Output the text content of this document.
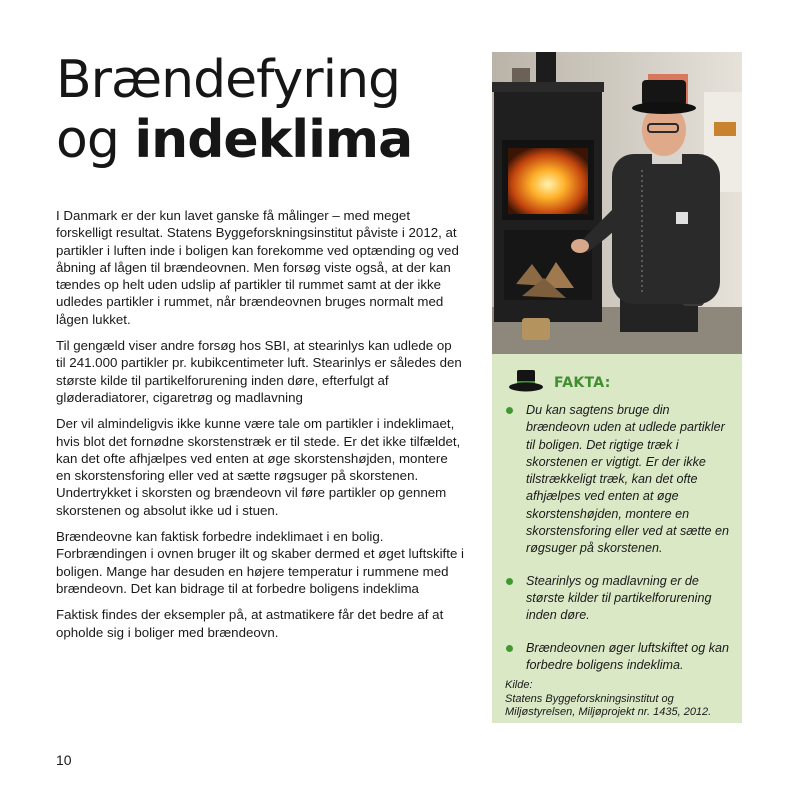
Brændefyring
og indeklima

I Danmark er der kun lavet ganske få målinger – med meget forskelligt resultat. Statens Byggeforskningsinstitut påviste i 2012, at partikler i luften inde i boligen kan forekomme ved optænding og ved åbning af lågen til brændeovnen. Men forsøg viste også, at der kan tændes op helt uden udslip af partikler til rummet samt at der ikke udledes partikler i rummet, når brændeovnen bruges normalt med lågen lukket.

Til gengæld viser andre forsøg hos SBI, at stearinlys kan udlede op til 241.000 partikler pr. kubikcentimeter luft. Stearinlys er således den største kilde til partikelforurening inden døre, efterfulgt af gløderadiatorer, cigaretrøg og madlavning

Der vil almindeligvis ikke kunne være tale om partikler i indeklimaet, hvis blot det fornødne skorstenstræk er til stede. Er det ikke tilfældet, kan det ofte afhjælpes ved enten at øge skorstenshøjden, montere en skorstensforing eller ved at sætte røgsuger på skorstenen. Undertrykket i skorsten og brændeovn vil føre partikler op gennem skorstenen og absolut ikke ud i stuen.

Brændeovne kan faktisk forbedre indeklimaet i en bolig. Forbrændingen i ovnen bruger ilt og skaber dermed et øget luftskifte i boligen. Mange har desuden en højere temperatur i rummene med brændeovn. Det kan bidrage til at forbedre boligens indeklima

Faktisk findes der eksempler på, at astmatikere får det bedre af at opholde sig i boliger med brændeovn.

FAKTA:
Du kan sagtens bruge din brændeovn uden at udlede partikler til boligen. Det rigtige træk i skorstenen er vigtigt. Er der ikke tilstrækkeligt træk, kan det ofte afhjælpes ved enten at øge skorstenshøjden, montere en skorstensforing eller ved at sætte en røgsuger på skorstenen.
Stearinlys og madlavning er de største kilder til partikelforurening inden døre.
Brændeovnen øger luftskiftet og kan forbedre boligens indeklima.
Kilde:
Statens Byggeforskningsinstitut og Miljøstyrelsen, Miljøprojekt nr. 1435, 2012.
10
